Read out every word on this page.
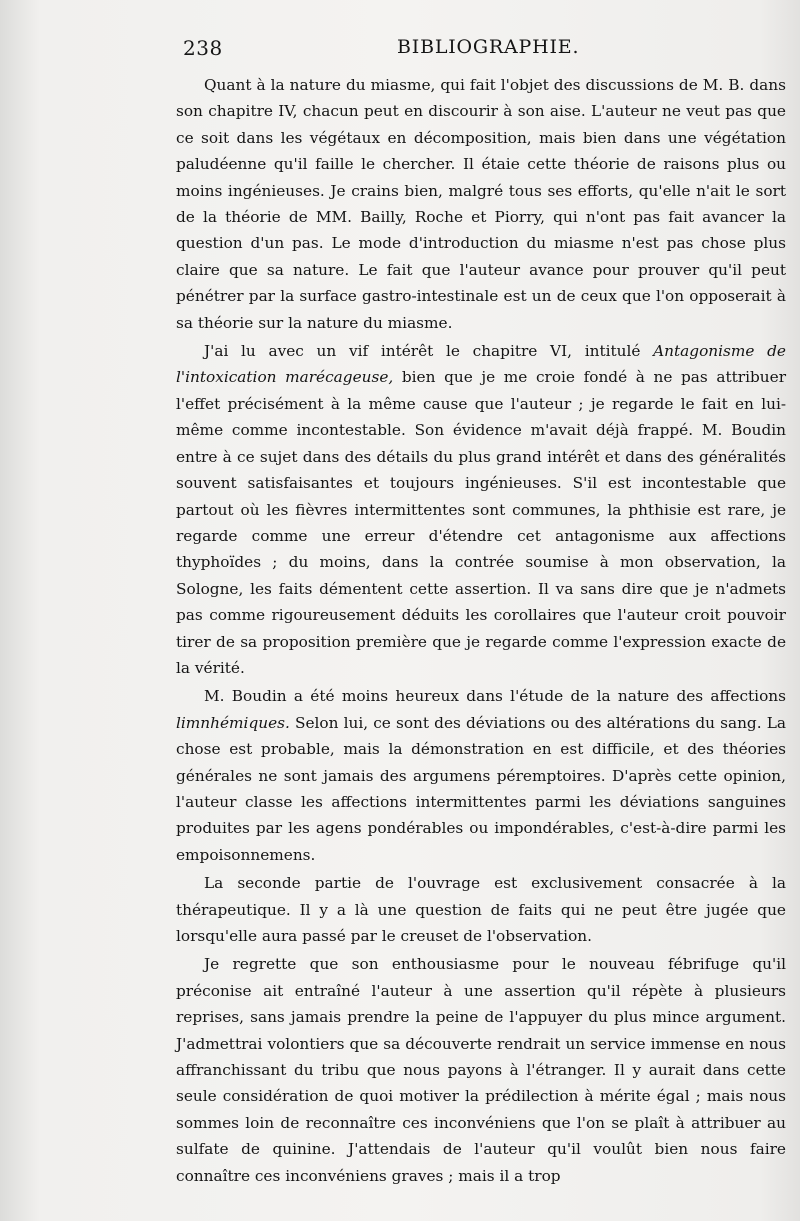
238	BIBLIOGRAPHIE.

Quant à la nature du miasme, qui fait l'objet des discussions de M. B. dans son chapitre IV, chacun peut en discourir à son aise. L'auteur ne veut pas que ce soit dans les végétaux en décomposition, mais bien dans une végétation paludéenne qu'il faille le chercher. Il étaie cette théorie de raisons plus ou moins ingénieuses. Je crains bien, malgré tous ses efforts, qu'elle n'ait le sort de la théorie de MM. Bailly, Roche et Piorry, qui n'ont pas fait avancer la question d'un pas. Le mode d'introduction du miasme n'est pas chose plus claire que sa nature. Le fait que l'auteur avance pour prouver qu'il peut pénétrer par la surface gastro-intestinale est un de ceux que l'on opposerait à sa théorie sur la nature du miasme.

J'ai lu avec un vif intérêt le chapitre VI, intitulé Antagonisme de l'intoxication marécageuse, bien que je me croie fondé à ne pas attribuer l'effet précisément à la même cause que l'auteur ; je regarde le fait en lui-même comme incontestable. Son évidence m'avait déjà frappé. M. Boudin entre à ce sujet dans des détails du plus grand intérêt et dans des généralités souvent satisfaisantes et toujours ingénieuses. S'il est incontestable que partout où les fièvres intermittentes sont communes, la phthisie est rare, je regarde comme une erreur d'étendre cet antagonisme aux affections thyphoïdes ; du moins, dans la contrée soumise à mon observation, la Sologne, les faits démentent cette assertion. Il va sans dire que je n'admets pas comme rigoureusement déduits les corollaires que l'auteur croit pouvoir tirer de sa proposition première que je regarde comme l'expression exacte de la vérité.

M. Boudin a été moins heureux dans l'étude de la nature des affections limnhémiques. Selon lui, ce sont des déviations ou des altérations du sang. La chose est probable, mais la démonstration en est difficile, et des théories générales ne sont jamais des argumens péremptoires. D'après cette opinion, l'auteur classe les affections intermittentes parmi les déviations sanguines produites par les agens pondérables ou impondérables, c'est-à-dire parmi les empoisonnemens.

La seconde partie de l'ouvrage est exclusivement consacrée à la thérapeutique. Il y a là une question de faits qui ne peut être jugée que lorsqu'elle aura passé par le creuset de l'observation.

Je regrette que son enthousiasme pour le nouveau fébrifuge qu'il préconise ait entraîné l'auteur à une assertion qu'il répète à plusieurs reprises, sans jamais prendre la peine de l'appuyer du plus mince argument. J'admettrai volontiers que sa découverte rendrait un service immense en nous affranchissant du tribu que nous payons à l'étranger. Il y aurait dans cette seule considération de quoi motiver la prédilection à mérite égal ; mais nous sommes loin de reconnaître ces inconvéniens que l'on se plaît à attribuer au sulfate de quinine. J'attendais de l'auteur qu'il voulût bien nous faire connaître ces inconvéniens graves ; mais il a trop
